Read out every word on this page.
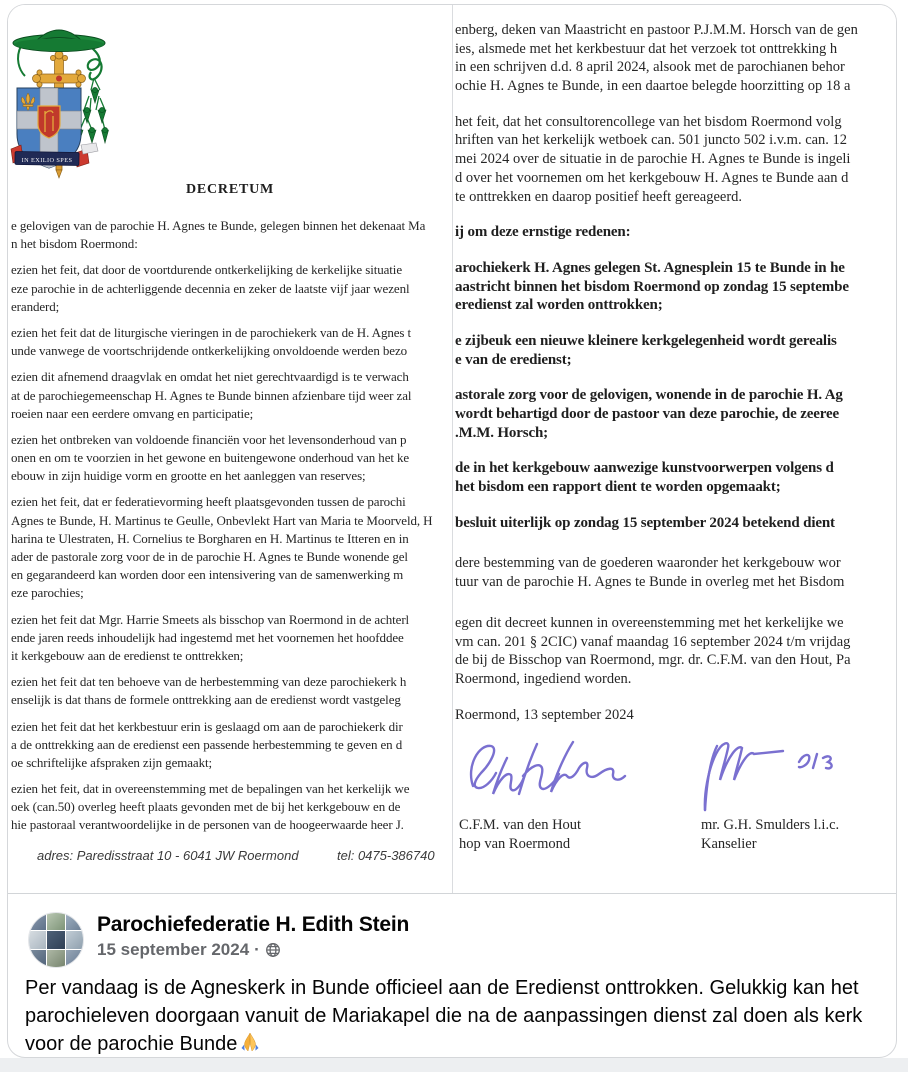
IN EXILIO SPES
DECRETUM
e gelovigen van de parochie H. Agnes te Bunde, gelegen binnen het dekenaat Ma
n het bisdom Roermond:
ezien het feit, dat door de voortdurende ontkerkelijking de kerkelijke situatie
eze parochie in de achterliggende decennia en zeker de laatste vijf jaar wezenl
eranderd;
ezien het feit dat de liturgische vieringen in de parochiekerk van de H. Agnes t
unde vanwege de voortschrijdende ontkerkelijking onvoldoende werden bezo
ezien dit afnemend draagvlak en omdat het niet gerechtvaardigd is te verwach
at de parochiegemeenschap H. Agnes te Bunde binnen afzienbare tijd weer zal
roeien naar een eerdere omvang en participatie;
ezien het ontbreken van voldoende financiën voor het levensonderhoud van p
onen en om te voorzien in het gewone en buitengewone onderhoud van het ke
ebouw in zijn huidige vorm en grootte en het aanleggen van reserves;
ezien het feit, dat er federatievorming heeft plaatsgevonden tussen de parochi
Agnes te Bunde, H. Martinus te Geulle, Onbevlekt Hart van Maria te Moorveld, H
harina te Ulestraten, H. Cornelius te Borgharen en H. Martinus te Itteren en in
ader de pastorale zorg voor de in de parochie H. Agnes te Bunde wonende gel
en gegarandeerd kan worden door een intensivering van de samenwerking m
eze parochies;
ezien het feit dat Mgr. Harrie Smeets als bisschop van Roermond in de achterl
ende jaren reeds inhoudelijk had ingestemd met het voornemen het hoofddee
it kerkgebouw aan de eredienst te onttrekken;
ezien het feit dat ten behoeve van de herbestemming van deze parochiekerk h
enselijk is dat thans de formele onttrekking aan de eredienst wordt vastgeleg
ezien het feit dat het kerkbestuur erin is geslaagd om aan de parochiekerk dir
a de onttrekking aan de eredienst een passende herbestemming te geven en d
oe schriftelijke afspraken zijn gemaakt;
ezien het feit, dat in overeenstemming met de bepalingen van het kerkelijk we
oek (can.50) overleg heeft plaats gevonden met de bij het kerkgebouw en de
hie pastoraal verantwoordelijke in de personen van de hoogeerwaarde heer J.
adres: Paredisstraat 10 - 6041 JW Roermond	tel: 0475-386740
enberg, deken van Maastricht en pastoor P.J.M.M. Horsch van de gen
ies, alsmede met het kerkbestuur dat het verzoek tot onttrekking h
in een schrijven d.d. 8 april 2024, alsook met de parochianen behor
ochie H. Agnes te Bunde, in een daartoe belegde hoorzitting op 18 a
het feit, dat het consultorencollege van het bisdom Roermond volg
hriften van het kerkelijk wetboek can. 501 juncto 502 i.v.m. can. 12
mei 2024 over de situatie in de parochie H. Agnes te Bunde is ingeli
d over het voornemen om het kerkgebouw H. Agnes te Bunde aan d
te onttrekken en daarop positief heeft gereageerd.
ij om deze ernstige redenen:
arochiekerk H. Agnes gelegen St. Agnesplein 15 te Bunde in he
aastricht binnen het bisdom Roermond op zondag 15 septembe
eredienst zal worden onttrokken;
e zijbeuk een nieuwe kleinere kerkgelegenheid wordt gerealis
e van de eredienst;
astorale zorg voor de gelovigen, wonende in de parochie H. Ag
wordt behartigd door de pastoor van deze parochie, de zeeree
.M.M. Horsch;
de in het kerkgebouw aanwezige kunstvoorwerpen volgens d
het bisdom een rapport dient te worden opgemaakt;
besluit uiterlijk op zondag 15 september 2024 betekend dient
dere bestemming van de goederen waaronder het kerkgebouw wor
tuur van de parochie H. Agnes te Bunde in overleg met het Bisdom
egen dit decreet kunnen in overeenstemming met het kerkelijke we
vm can. 201 § 2CIC) vanaf maandag 16 september 2024 t/m vrijdag
de bij de Bisschop van Roermond, mgr. dr. C.F.M. van den Hout, Pa
Roermond, ingediend worden.
Roermond, 13 september 2024
C.F.M. van den Hout
hop van Roermond
mr. G.H. Smulders l.i.c.
Kanselier
Parochiefederatie H. Edith Stein
15 september 2024 ·
Per vandaag is de Agneskerk in Bunde officieel aan de Eredienst onttrokken. Gelukkig kan het parochieleven doorgaan vanuit de Mariakapel die na de aanpassingen dienst zal doen als kerk voor de parochie Bunde
